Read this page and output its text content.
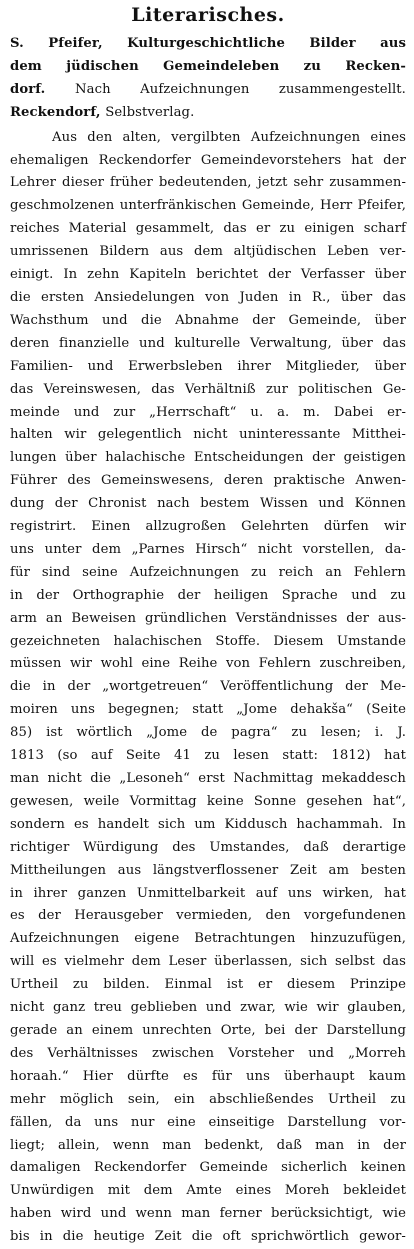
Literarisches.
S. Pfeifer, Kulturgeschichtliche Bilder aus
dem jüdischen Gemeindeleben zu Recken-
dorf. Nach Aufzeichnungen zusammengestellt.
Reckendorf, Selbstverlag.
Aus den alten, vergilbten Aufzeichnungen eines
ehemaligen Reckendorfer Gemeindevorstehers hat der
Lehrer dieser früher bedeutenden, jetzt sehr zusammen-
geschmolzenen unterfränkischen Gemeinde, Herr Pfeifer,
reiches Material gesammelt, das er zu einigen scharf
umrissenen Bildern aus dem altjüdischen Leben ver-
einigt. In zehn Kapiteln berichtet der Verfasser über
die ersten Ansiedelungen von Juden in R., über das
Wachsthum und die Abnahme der Gemeinde, über
deren finanzielle und kulturelle Verwaltung, über das
Familien- und Erwerbsleben ihrer Mitglieder, über
das Vereinswesen, das Verhältniß zur politischen Ge-
meinde und zur „Herrschaft“ u. a. m. Dabei er-
halten wir gelegentlich nicht uninteressante Mitthei-
lungen über halachische Entscheidungen der geistigen
Führer des Gemeinswesens, deren praktische Anwen-
dung der Chronist nach bestem Wissen und Können
registrirt. Einen allzugroßen Gelehrten dürfen wir
uns unter dem „Parnes Hirsch“ nicht vorstellen, da-
für sind seine Aufzeichnungen zu reich an Fehlern
in der Orthographie der heiligen Sprache und zu
arm an Beweisen gründlichen Verständnisses der aus-
gezeichneten halachischen Stoffe. Diesem Umstande
müssen wir wohl eine Reihe von Fehlern zuschreiben,
die in der „wortgetreuen“ Veröffentlichung der Me-
moiren uns begegnen; statt „Jome dehakša“ (Seite
85) ist wörtlich „Jome de pagra“ zu lesen; i. J.
1813 (so auf Seite 41 zu lesen statt: 1812) hat
man nicht die „Lesoneh“ erst Nachmittag mekaddesch
gewesen, weile Vormittag keine Sonne gesehen hat“,
sondern es handelt sich um Kiddusch hachammah. In
richtiger Würdigung des Umstandes, daß derartige
Mittheilungen aus längstverflossener Zeit am besten
in ihrer ganzen Unmittelbarkeit auf uns wirken, hat
es der Herausgeber vermieden, den vorgefundenen
Aufzeichnungen eigene Betrachtungen hinzuzufügen,
will es vielmehr dem Leser überlassen, sich selbst das
Urtheil zu bilden. Einmal ist er diesem Prinzipe
nicht ganz treu geblieben und zwar, wie wir glauben,
gerade an einem unrechten Orte, bei der Darstellung
des Verhältnisses zwischen Vorsteher und „Morreh
horaah.“ Hier dürfte es für uns überhaupt kaum
mehr möglich sein, ein abschließendes Urtheil zu
fällen, da uns nur eine einseitige Darstellung vor-
liegt; allein, wenn man bedenkt, daß man in der
damaligen Reckendorfer Gemeinde sicherlich keinen
Unwürdigen mit dem Amte eines Moreh bekleidet
haben wird und wenn man ferner berücksichtigt, wie
bis in die heutige Zeit die oft sprichwörtlich gewor-
